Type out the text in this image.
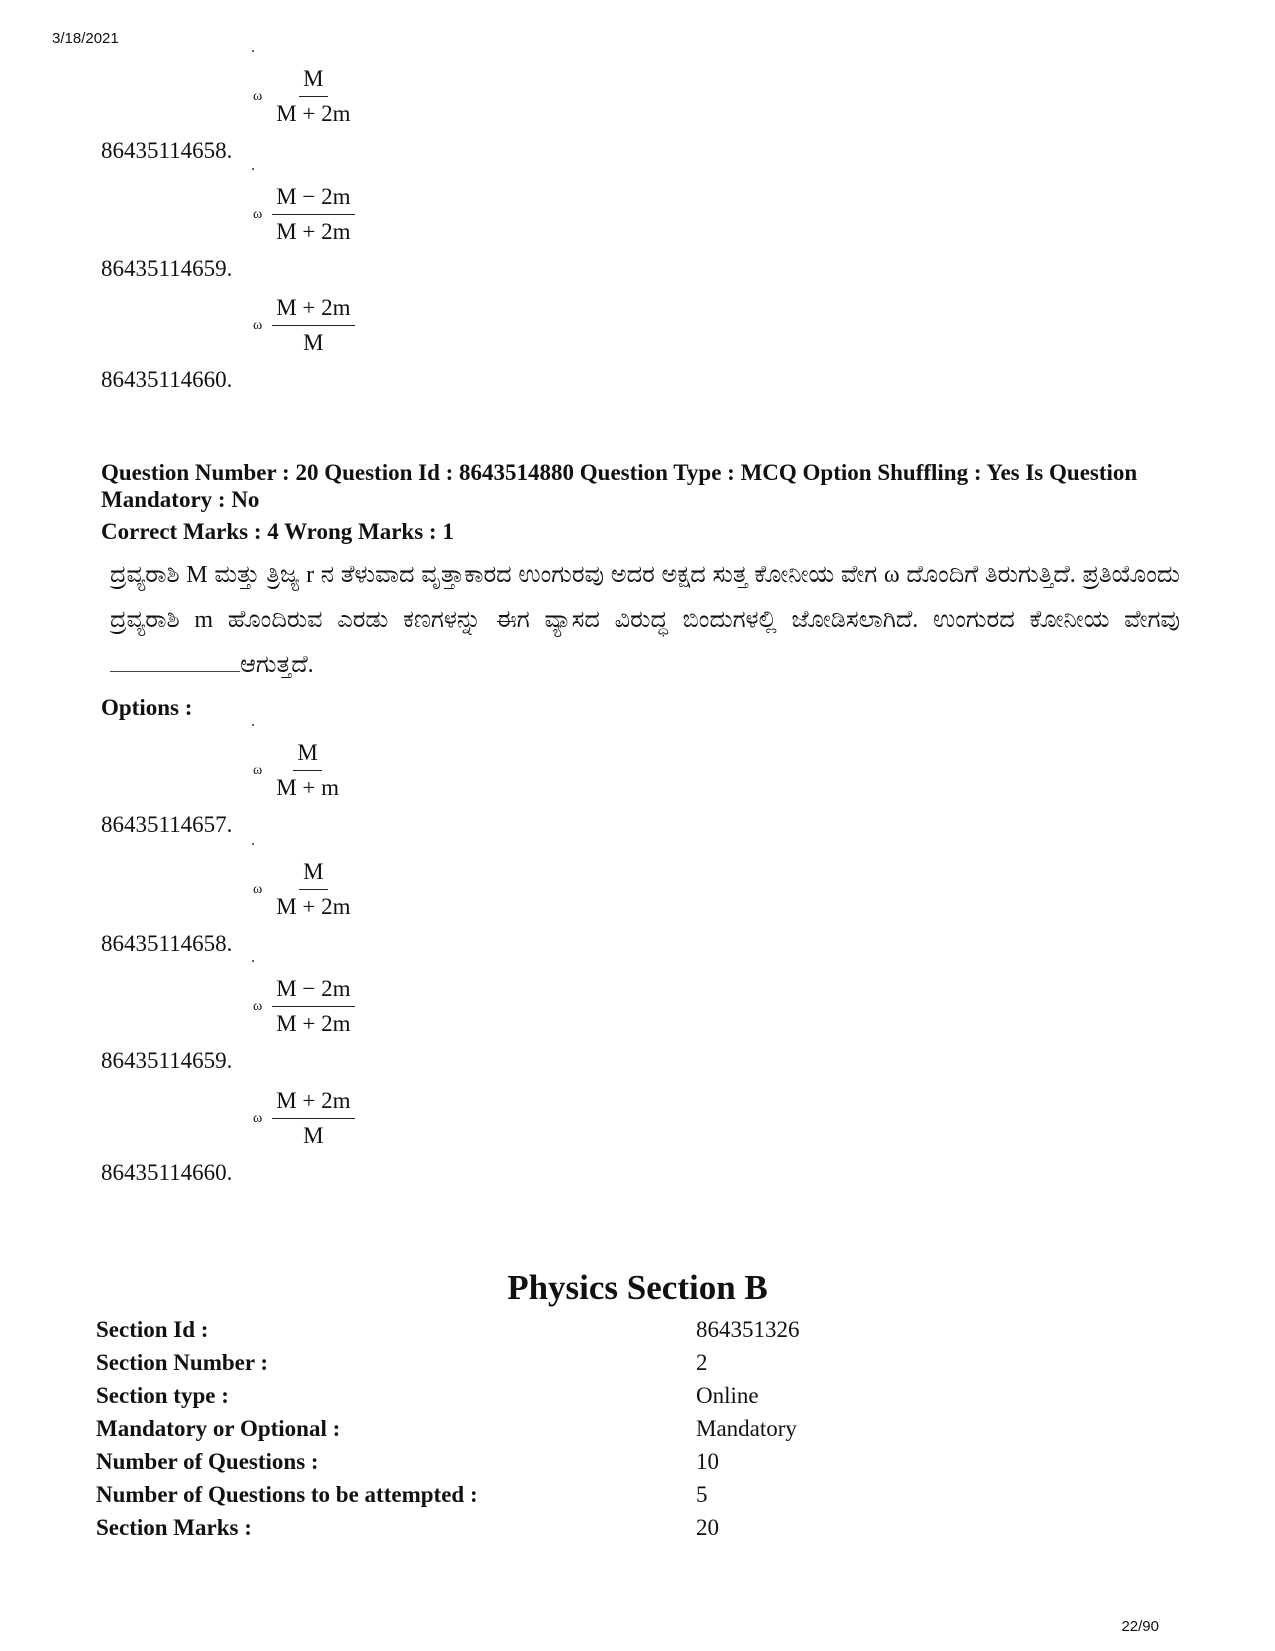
3/18/2021
ω $\frac{M}{M + 2m}$
86435114658.
ω $\frac{M - 2m}{M + 2m}$
86435114659.
ω $\frac{M + 2m}{M}$
86435114660.
Question Number : 20 Question Id : 8643514880 Question Type : MCQ Option Shuffling : Yes Is Question Mandatory : No
Correct Marks : 4 Wrong Marks : 1
ದ್ರವ್ಯರಾಶಿ M ಮತ್ತು ತ್ರಿಜ್ಯ r ನ ತೆಳುವಾದ ವೃತ್ತಾಕಾರದ ಉಂಗುರವು ಅದರ ಅಕ್ಷದ ಸುತ್ತ ಕೋನೀಯ ವೇಗ ω ದೊಂದಿಗೆ ತಿರುಗುತ್ತಿದೆ. ಪ್ರತಿಯೊಂದು ದ್ರವ್ಯರಾಶಿ m ಹೊಂದಿರುವ ಎರಡು ಕಣಗಳನ್ನು ಈಗ ವ್ಯಾಸದ ವಿರುದ್ಧ ಬಿಂದುಗಳಲ್ಲಿ ಜೋಡಿಸಲಾಗಿದೆ. ಉಂಗುರದ ಕೋನೀಯ ವೇಗವು ಆಗುತ್ತದೆ.
Options :
ω $\frac{M}{M + m}$
86435114657.
ω $\frac{M}{M + 2m}$
86435114658.
ω $\frac{M - 2m}{M + 2m}$
86435114659.
ω $\frac{M + 2m}{M}$
86435114660.
Physics Section B
Section Id :	864351326
Section Number :	2
Section type :	Online
Mandatory or Optional :	Mandatory
Number of Questions :	10
Number of Questions to be attempted :	5
Section Marks :	20
22/90
